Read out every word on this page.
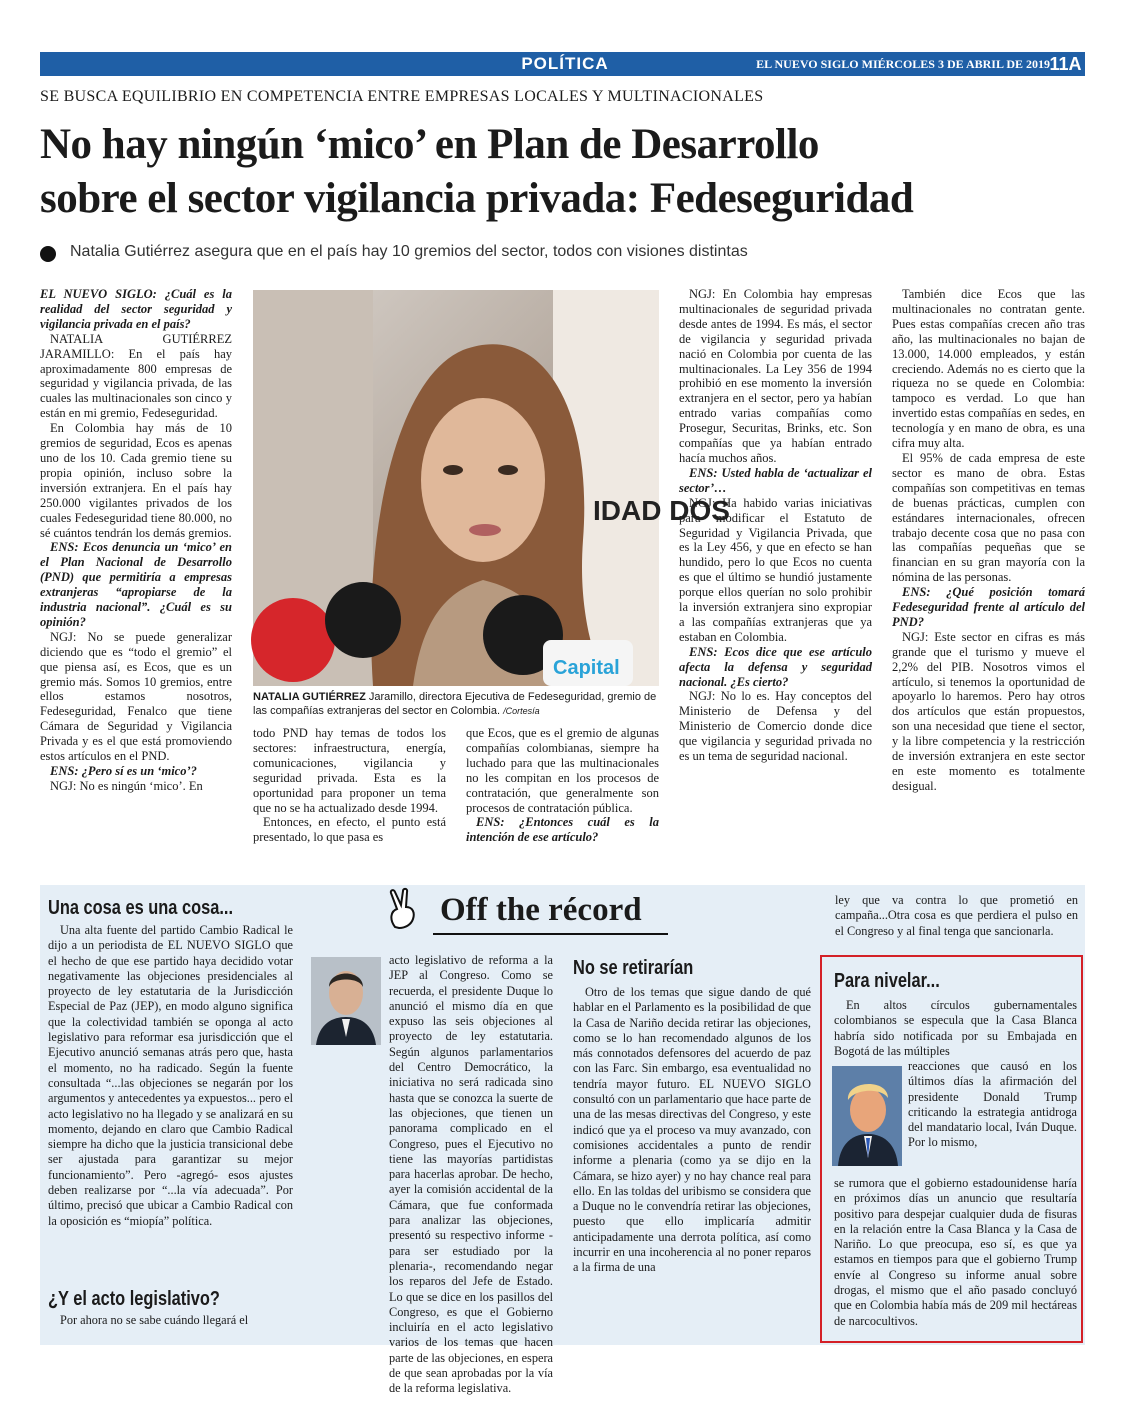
POLÍTICA	EL NUEVO SIGLO MIÉRCOLES 3 DE ABRIL DE 2019 11A
SE BUSCA EQUILIBRIO EN COMPETENCIA ENTRE EMPRESAS LOCALES Y MULTINACIONALES
No hay ningún ‘mico’ en Plan de Desarrollo
sobre el sector vigilancia privada: Fedeseguridad
Natalia Gutiérrez asegura que en el país hay 10 gremios del sector, todos con visiones distintas

EL NUEVO SIGLO: ¿Cuál es la realidad del sector seguridad y vigilancia privada en el país?

NATALIA GUTIÉRREZ JARAMILLO: En el país hay aproximadamente 800 empresas de seguridad y vigilancia privada, de las cuales las multinacionales son cinco y están en mi gremio, Fedeseguridad.

En Colombia hay más de 10 gremios de seguridad, Ecos es apenas uno de los 10. Cada gremio tiene su propia opinión, incluso sobre la inversión extranjera. En el país hay 250.000 vigilantes privados de los cuales Fedeseguridad tiene 80.000, no sé cuántos tendrán los demás gremios.

ENS: Ecos denuncia un ‘mico’ en el Plan Nacional de Desarrollo (PND) que permitiría a empresas extranjeras “apropiarse de la industria nacional”. ¿Cuál es su opinión?

NGJ: No se puede generalizar diciendo que es “todo el gremio” el que piensa así, es Ecos, que es un gremio más. Somos 10 gremios, entre ellos estamos nosotros, Fedeseguridad, Fenalco que tiene Cámara de Seguridad y Vigilancia Privada y es el que está promoviendo estos artículos en el PND.

ENS: ¿Pero sí es un ‘mico’?

NGJ: No es ningún ‘mico’. En

Capital
IDAD DOS
NATALIA GUTIÉRREZ Jaramillo, directora Ejecutiva de Fedeseguridad, gremio de las compañías extranjeras del sector en Colombia. /Cortesía

todo PND hay temas de todos los sectores: infraestructura, energía, comunicaciones, vigilancia y seguridad privada. Esta es la oportunidad para proponer un tema que no se ha actualizado desde 1994.

Entonces, en efecto, el punto está presentado, lo que pasa es

que Ecos, que es el gremio de algunas compañías colombianas, siempre ha luchado para que las multinacionales no les compitan en los procesos de contratación, que generalmente son procesos de contratación pública.

ENS: ¿Entonces cuál es la intención de ese artículo?

NGJ: En Colombia hay empresas multinacionales de seguridad privada desde antes de 1994. Es más, el sector de vigilancia y seguridad privada nació en Colombia por cuenta de las multinacionales. La Ley 356 de 1994 prohibió en ese momento la inversión extranjera en el sector, pero ya habían entrado varias compañías como Prosegur, Securitas, Brinks, etc. Son compañías que ya habían entrado hacía muchos años.

ENS: Usted habla de ‘actualizar el sector’…

NGJ: Ha habido varias iniciativas para modificar el Estatuto de Seguridad y Vigilancia Privada, que es la Ley 456, y que en efecto se han hundido, pero lo que Ecos no cuenta es que el último se hundió justamente porque ellos querían no solo prohibir la inversión extranjera sino expropiar a las compañías extranjeras que ya estaban en Colombia.

ENS: Ecos dice que ese artículo afecta la defensa y seguridad nacional. ¿Es cierto?

NGJ: No lo es. Hay conceptos del Ministerio de Defensa y del Ministerio de Comercio donde dice que vigilancia y seguridad privada no es un tema de seguridad nacional.

También dice Ecos que las multinacionales no contratan gente. Pues estas compañías crecen año tras año, las multinacionales no bajan de 13.000, 14.000 empleados, y están creciendo. Además no es cierto que la riqueza no se quede en Colombia: tampoco es verdad. Lo que han invertido estas compañías en sedes, en tecnología y en mano de obra, es una cifra muy alta.

El 95% de cada empresa de este sector es mano de obra. Estas compañías son competitivas en temas de buenas prácticas, cumplen con estándares internacionales, ofrecen trabajo decente cosa que no pasa con las compañías pequeñas que se financian en su gran mayoría con la nómina de las personas.

ENS: ¿Qué posición tomará Fedeseguridad frente al artículo del PND?

NGJ: Este sector en cifras es más grande que el turismo y mueve el 2,2% del PIB. Nosotros vimos el artículo, si tenemos la oportunidad de apoyarlo lo haremos. Pero hay otros dos artículos que están propuestos, son una necesidad que tiene el sector, y la libre competencia y la restricción de inversión extranjera en este sector en este momento es totalmente desigual.

Off the récord
Una cosa es una cosa...

Una alta fuente del partido Cambio Radical le dijo a un periodista de EL NUEVO SIGLO que el hecho de que ese partido haya decidido votar negativamente las objeciones presidenciales al proyecto de ley estatutaria de la Jurisdicción Especial de Paz (JEP), en modo alguno significa que la colectividad también se oponga al acto legislativo para reformar esa jurisdicción que el Ejecutivo anunció semanas atrás pero que, hasta el momento, no ha radicado. Según la fuente consultada “...las objeciones se negarán por los argumentos y antecedentes ya expuestos... pero el acto legislativo no ha llegado y se analizará en su momento, dejando en claro que Cambio Radical siempre ha dicho que la justicia transicional debe ser ajustada para garantizar su mejor funcionamiento”. Pero -agregó- esos ajustes deben realizarse por “...la vía adecuada”. Por último, precisó que ubicar a Cambio Radical con la oposición es “miopía” política.

¿Y el acto legislativo?

Por ahora no se sabe cuándo llegará el

acto legislativo de reforma a la JEP al Congreso. Como se recuerda, el presidente Duque lo anunció el mismo día en que expuso las seis objeciones al proyecto de ley estatutaria. Según algunos parlamentarios del Centro Democrático, la iniciativa no será radicada sino hasta que se conozca la suerte de las objeciones, que tienen un panorama complicado en el Congreso, pues el Ejecutivo no tiene las mayorías partidistas para hacerlas aprobar. De hecho, ayer la comisión accidental de la Cámara, que fue conformada para analizar las objeciones, presentó su respectivo informe -para ser estudiado por la plenaria-, recomendando negar los reparos del Jefe de Estado. Lo que se dice en los pasillos del Congreso, es que el Gobierno incluiría en el acto legislativo varios de los temas que hacen parte de las objeciones, en espera de que sean aprobadas por la vía de la reforma legislativa.

No se retirarían

Otro de los temas que sigue dando de qué hablar en el Parlamento es la posibilidad de que la Casa de Nariño decida retirar las objeciones, como se lo han recomendado algunos de los más connotados defensores del acuerdo de paz con las Farc. Sin embargo, esa eventualidad no tendría mayor futuro. EL NUEVO SIGLO consultó con un parlamentario que hace parte de una de las mesas directivas del Congreso, y este indicó que ya el proceso va muy avanzado, con comisiones accidentales a punto de rendir informe a plenaria (como ya se dijo en la Cámara, se hizo ayer) y no hay chance real para ello. En las toldas del uribismo se considera que a Duque no le convendría retirar las objeciones, puesto que ello implicaría admitir anticipadamente una derrota política, así como incurrir en una incoherencia al no poner reparos a la firma de una

ley que va contra lo que prometió en campaña...Otra cosa es que perdiera el pulso en el Congreso y al final tenga que sancionarla.

Para nivelar...

En altos círculos gubernamentales colombianos se especula que la Casa Blanca habría sido notificada por su Embajada en Bogotá de las múltiples

reacciones que causó en los últimos días la afirmación del presidente Donald Trump criticando la estrategia antidroga del mandatario local, Iván Duque. Por lo mismo,

se rumora que el gobierno estadounidense haría en próximos días un anuncio que resultaría positivo para despejar cualquier duda de fisuras en la relación entre la Casa Blanca y la Casa de Nariño. Lo que preocupa, eso sí, es que ya estamos en tiempos para que el gobierno Trump envíe al Congreso su informe anual sobre drogas, el mismo que el año pasado concluyó que en Colombia había más de 209 mil hectáreas de narcocultivos.
